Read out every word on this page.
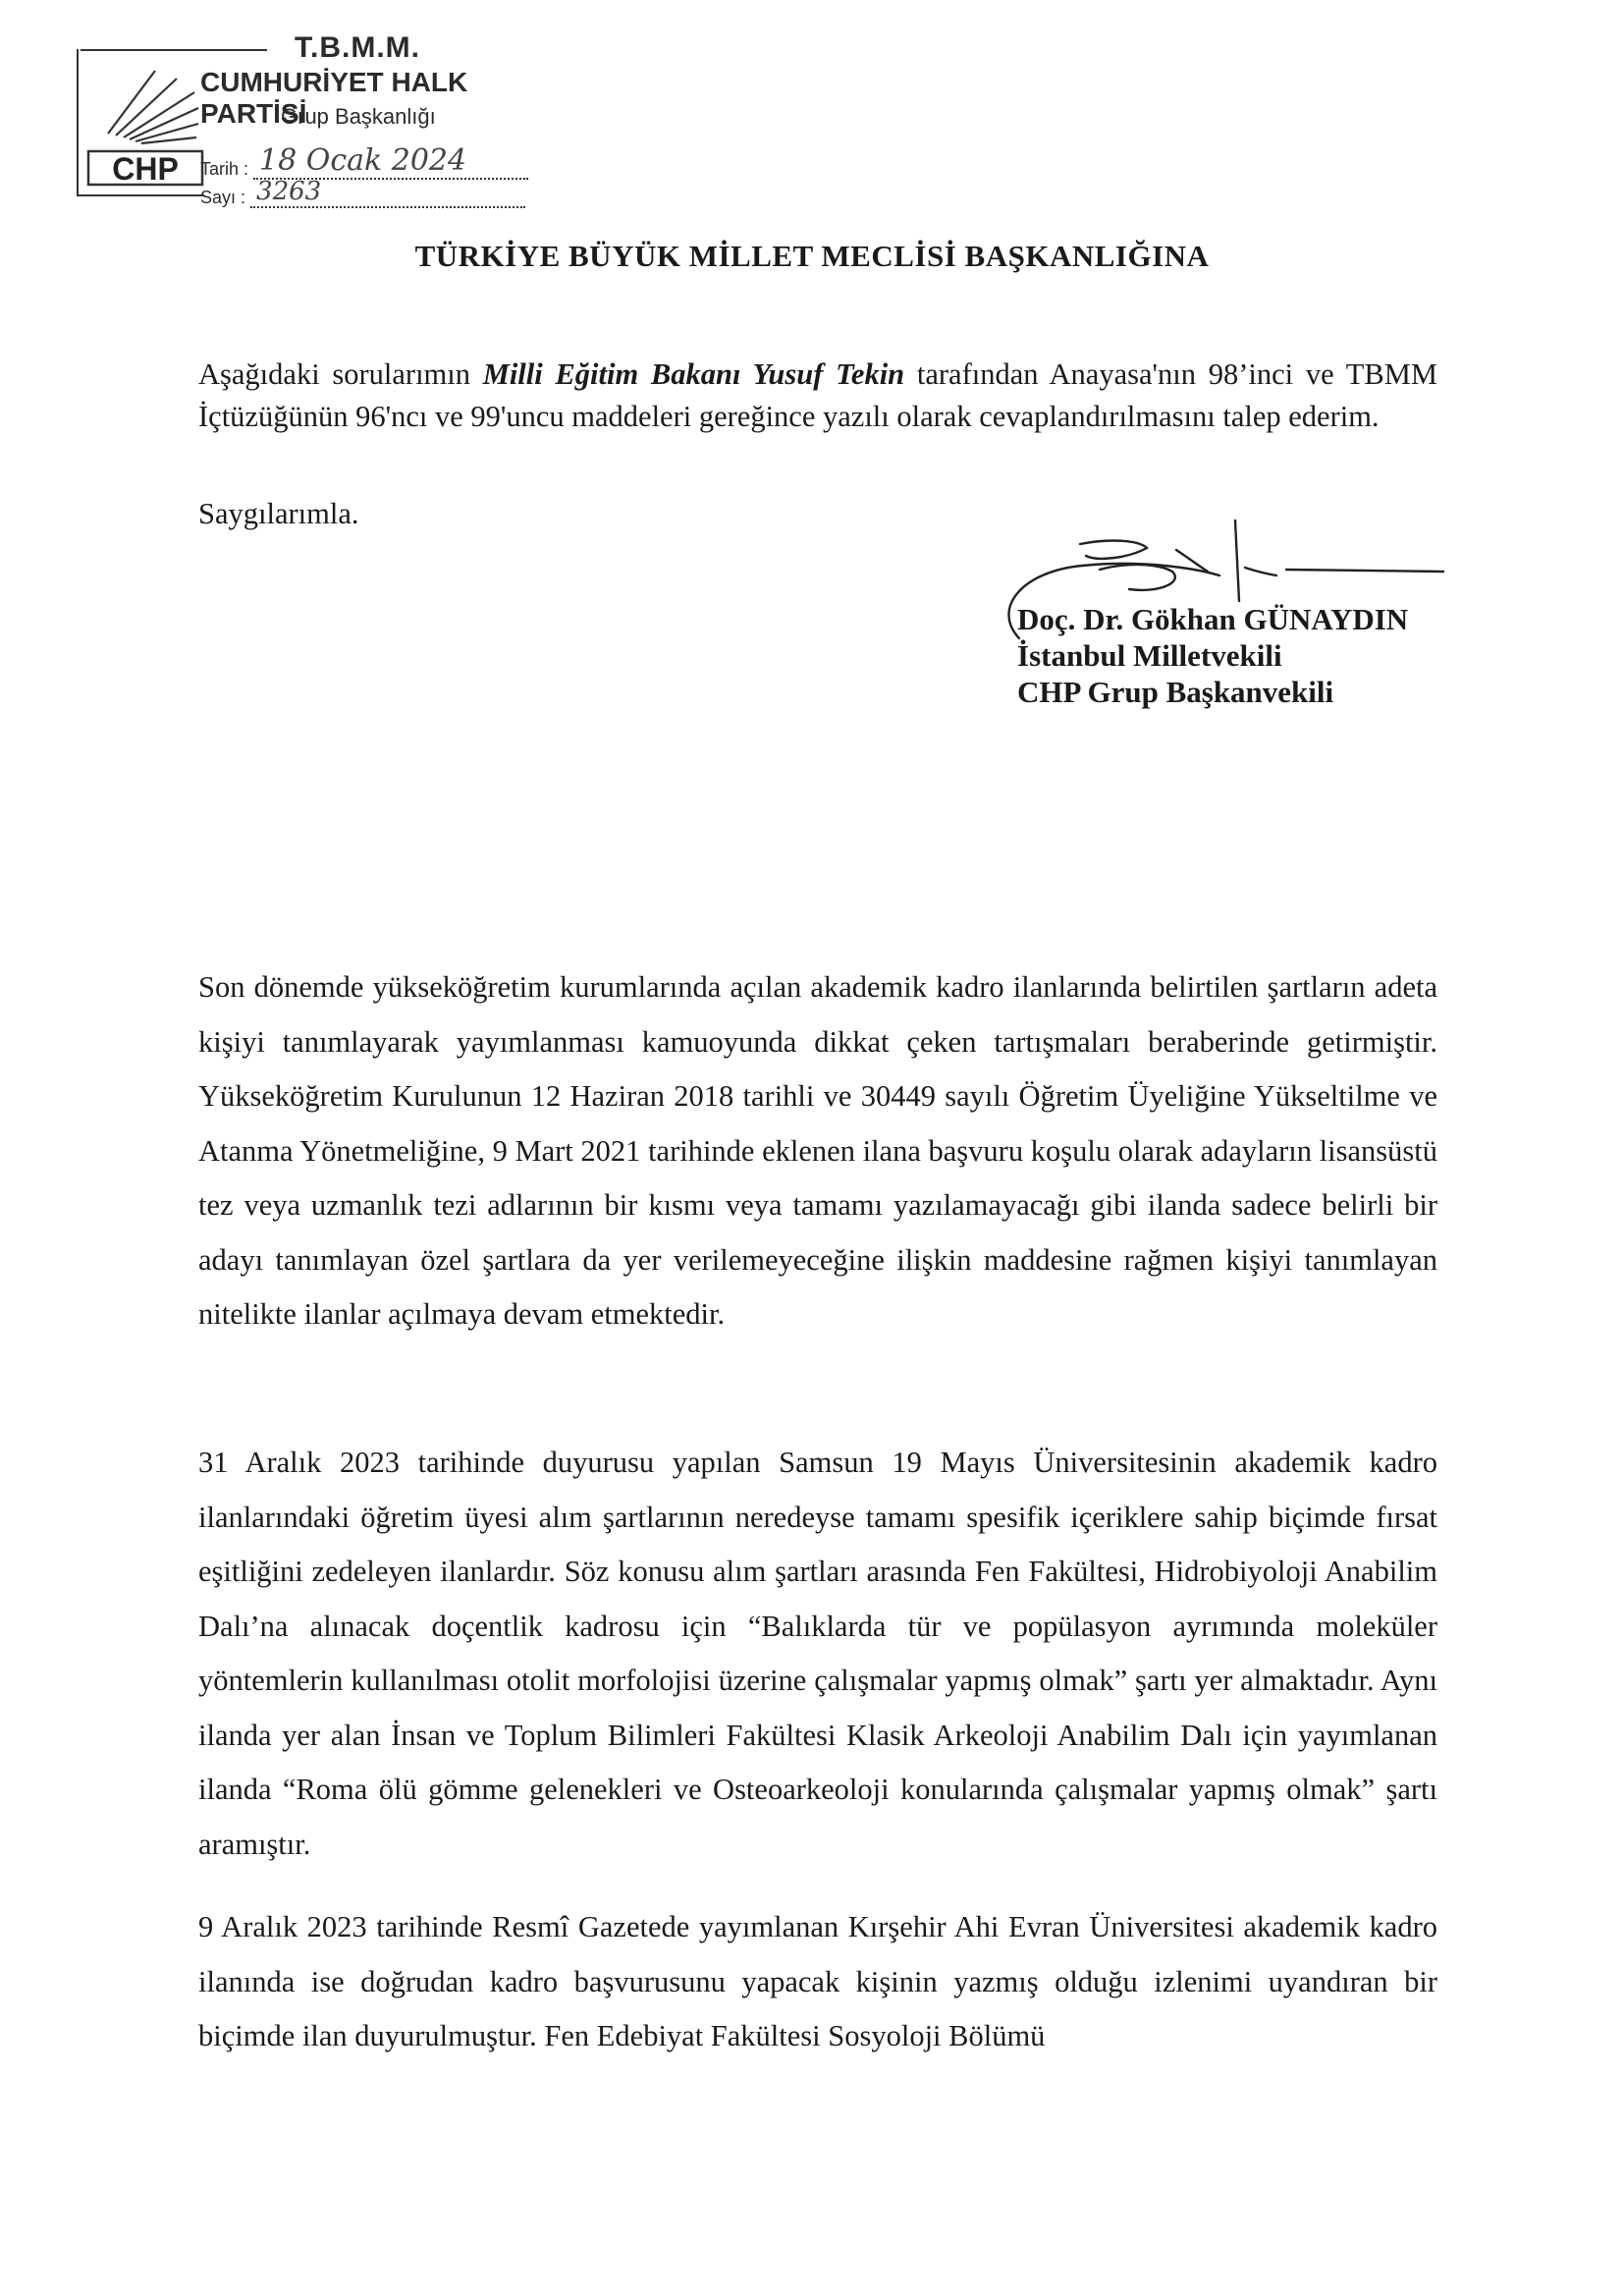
CHP
T.B.M.M.
CUMHURİYET HALK PARTİSİ
Grup Başkanlığı
Tarih : 18 Ocak 2024
Sayı : 3263
TÜRKİYE BÜYÜK MİLLET MECLİSİ BAŞKANLIĞINA

Aşağıdaki sorularımın Milli Eğitim Bakanı Yusuf Tekin tarafından Anayasa'nın 98’inci ve TBMM İçtüzüğünün 96'ncı ve 99'uncu maddeleri gereğince yazılı olarak cevaplandırılmasını talep ederim.

Saygılarımla.

Doç. Dr. Gökhan GÜNAYDIN
İstanbul Milletvekili
CHP Grup Başkanvekili

Son dönemde yükseköğretim kurumlarında açılan akademik kadro ilanlarında belirtilen şartların adeta kişiyi tanımlayarak yayımlanması kamuoyunda dikkat çeken tartışmaları beraberinde getirmiştir. Yükseköğretim Kurulunun 12 Haziran 2018 tarihli ve 30449 sayılı Öğretim Üyeliğine Yükseltilme ve Atanma Yönetmeliğine, 9 Mart 2021 tarihinde eklenen ilana başvuru koşulu olarak adayların lisansüstü tez veya uzmanlık tezi adlarının bir kısmı veya tamamı yazılamayacağı gibi ilanda sadece belirli bir adayı tanımlayan özel şartlara da yer verilemeyeceğine ilişkin maddesine rağmen kişiyi tanımlayan nitelikte ilanlar açılmaya devam etmektedir.

31 Aralık 2023 tarihinde duyurusu yapılan Samsun 19 Mayıs Üniversitesinin akademik kadro ilanlarındaki öğretim üyesi alım şartlarının neredeyse tamamı spesifik içeriklere sahip biçimde fırsat eşitliğini zedeleyen ilanlardır. Söz konusu alım şartları arasında Fen Fakültesi, Hidrobiyoloji Anabilim Dalı’na alınacak doçentlik kadrosu için “Balıklarda tür ve popülasyon ayrımında moleküler yöntemlerin kullanılması otolit morfolojisi üzerine çalışmalar yapmış olmak” şartı yer almaktadır. Aynı ilanda yer alan İnsan ve Toplum Bilimleri Fakültesi Klasik Arkeoloji Anabilim Dalı için yayımlanan ilanda “Roma ölü gömme gelenekleri ve Osteoarkeoloji konularında çalışmalar yapmış olmak” şartı aramıştır.

9 Aralık 2023 tarihinde Resmî Gazetede yayımlanan Kırşehir Ahi Evran Üniversitesi akademik kadro ilanında ise doğrudan kadro başvurusunu yapacak kişinin yazmış olduğu izlenimi uyandıran bir biçimde ilan duyurulmuştur. Fen Edebiyat Fakültesi Sosyoloji Bölümü
